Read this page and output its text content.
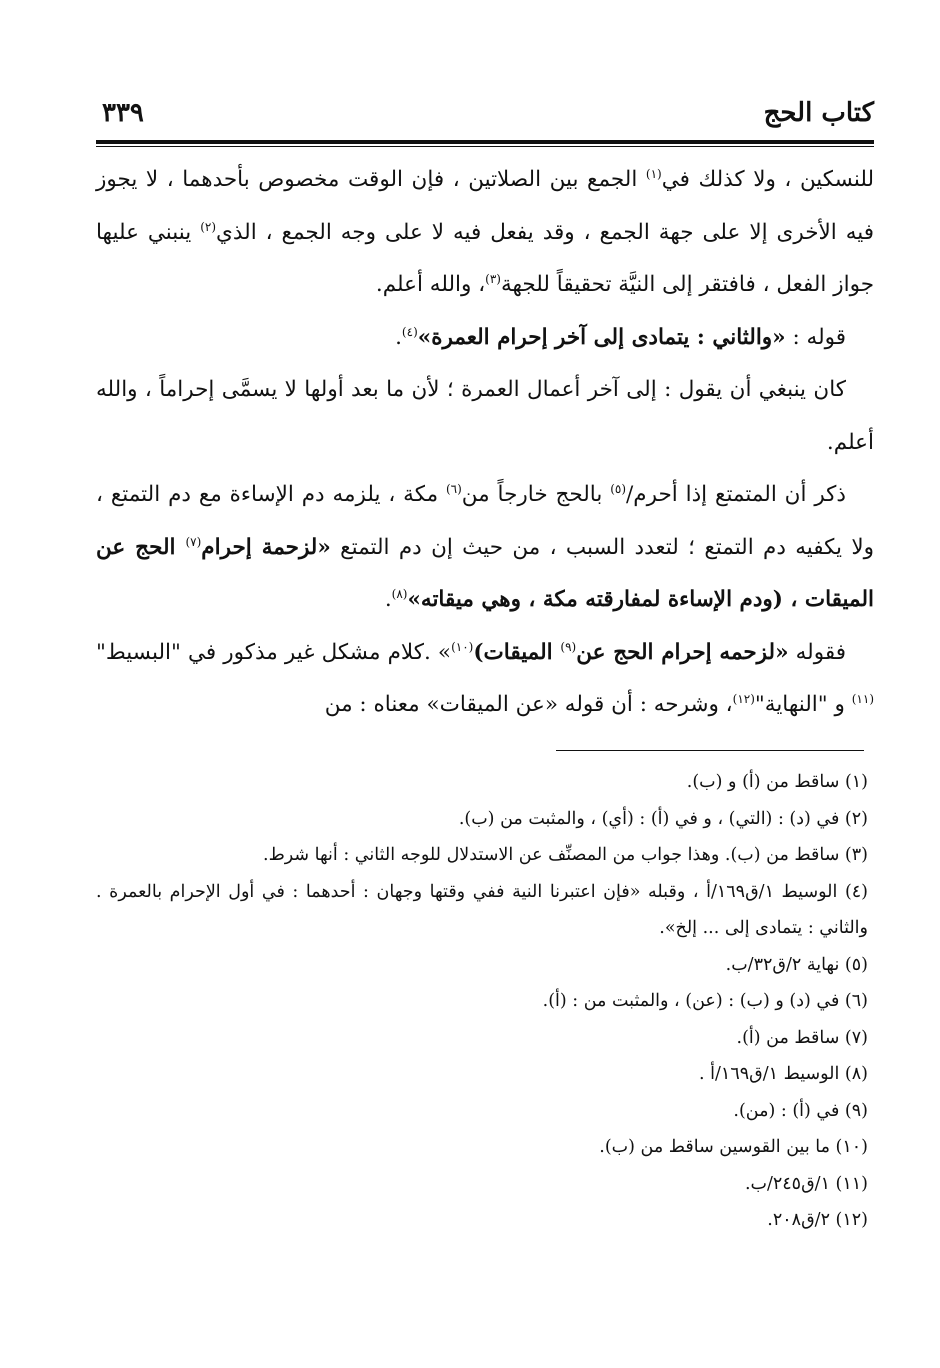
كتاب الحج
٣٣٩

للنسكين ، ولا كذلك في$^{(١)}$ الجمع بين الصلاتين ، فإن الوقت مخصوص بأحدهما ، لا يجوز فيه الأخرى إلا على جهة الجمع ، وقد يفعل فيه لا على وجه الجمع ، الذي$^{(٢)}$ ينبني عليها جواز الفعل ، فافتقر إلى النيَّة تحقيقاً للجهة$^{(٣)}$، والله أعلم.

قوله : «والثاني : يتمادى إلى آخر إحرام العمرة»$^{(٤)}$.

كان ينبغي أن يقول : إلى آخر أعمال العمرة ؛ لأن ما بعد أولها لا يسمَّى إحراماً ، والله أعلم.

ذكر أن المتمتع إذا أحرم/$^{(٥)}$ بالحج خارجاً من$^{(٦)}$ مكة ، يلزمه دم الإساءة مع دم التمتع ، ولا يكفيه دم التمتع ؛ لتعدد السبب ، من حيث إن دم التمتع «لزحمة إحرام$^{(٧)}$ الحج عن الميقات ، (ودم الإساءة لمفارقته مكة ، وهي ميقاته»$^{(٨)}$.

فقوله «لزحمه إحرام الحج عن$^{(٩)}$ الميقات)$^{(١٠)}$» .كلام مشكل غير مذكور في "البسيط"$^{(١١)}$ و "النهاية"$^{(١٢)}$، وشرحه : أن قوله «عن الميقات» معناه : من

(١) ساقط من (أ) و (ب).
(٢) في (د) : (التي) ، و في (أ) : (أي) ، والمثبت من (ب).
(٣) ساقط من (ب). وهذا جواب من المصنِّف عن الاستدلال للوجه الثاني : أنها شرط.
(٤) الوسيط ١/ق١٦٩/أ ، وقبله «فإن اعتبرنا النية ففي وقتها وجهان : أحدهما : في أول الإحرام بالعمرة . والثاني : يتمادى إلى ... إلخ».
(٥) نهاية ٢/ق٣٢/ب.
(٦) في (د) و (ب) : (عن) ، والمثبت من : (أ).
(٧) ساقط من (أ).
(٨) الوسيط ١/ق١٦٩/أ .
(٩) في (أ) : (من).
(١٠) ما بين القوسين ساقط من (ب).
(١١) ١/ق٢٤٥/ب.
(١٢) ٢/ق٢٠٨.
